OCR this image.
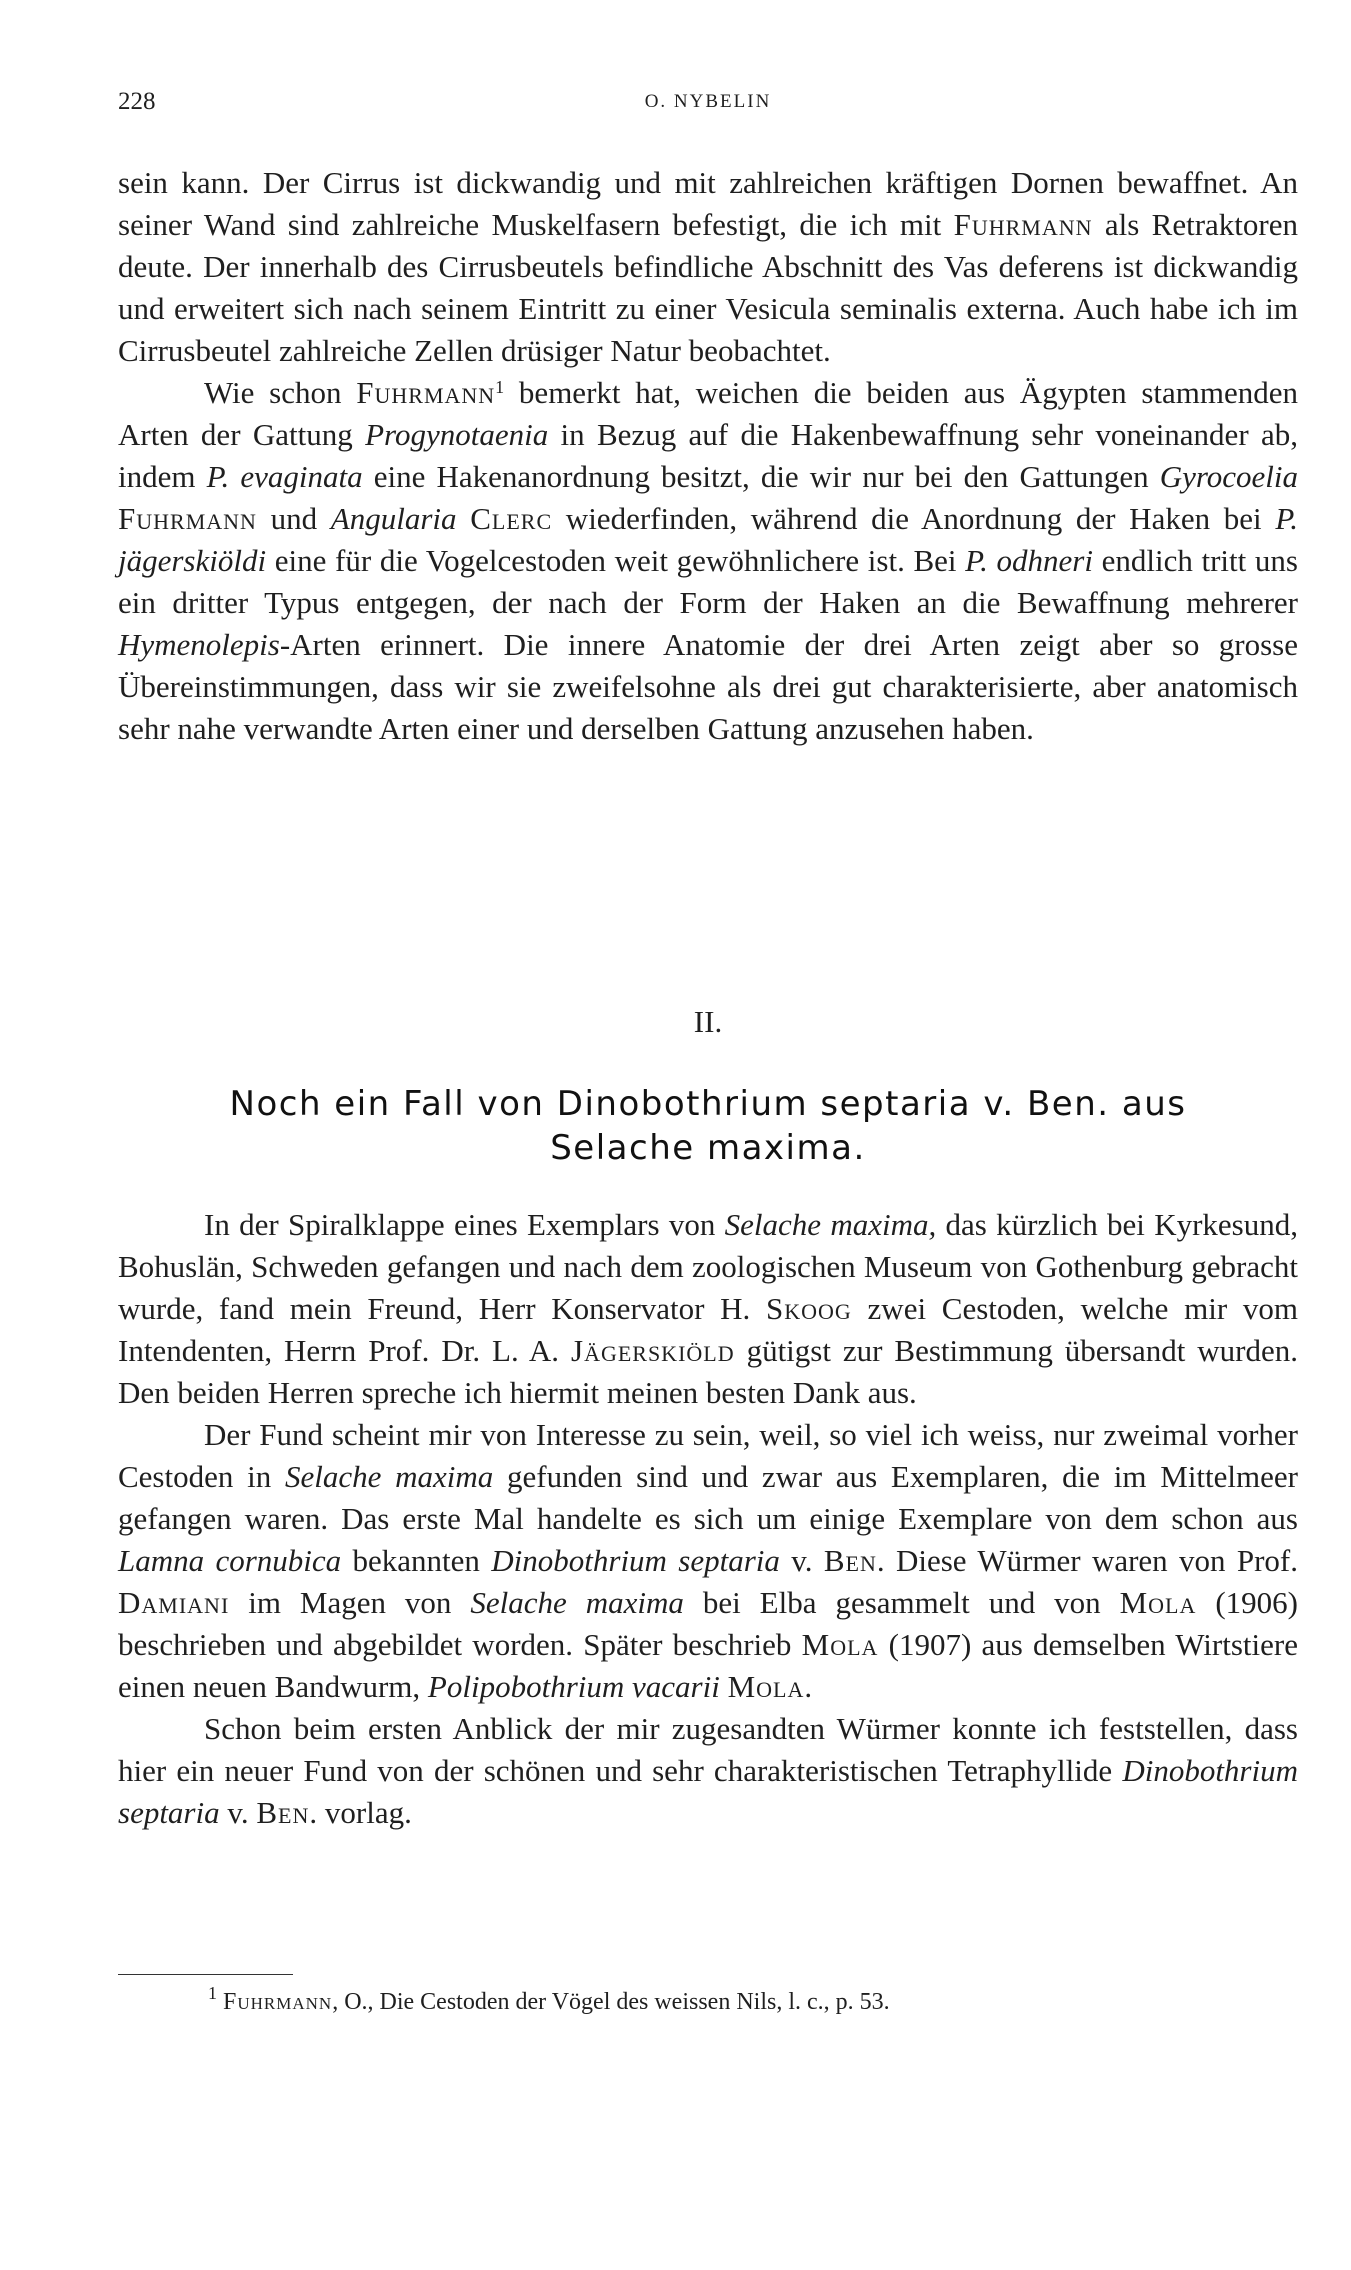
228	O. NYBELIN

sein kann. Der Cirrus ist dickwandig und mit zahlreichen kräftigen Dornen bewaffnet. An seiner Wand sind zahlreiche Muskelfasern befestigt, die ich mit Fuhrmann als Retraktoren deute. Der innerhalb des Cirrusbeutels befindliche Abschnitt des Vas deferens ist dickwandig und erweitert sich nach seinem Eintritt zu einer Vesicula seminalis externa. Auch habe ich im Cirrusbeutel zahlreiche Zellen drüsiger Natur beobachtet.

Wie schon Fuhrmann$^1$ bemerkt hat, weichen die beiden aus Ägypten stammenden Arten der Gattung Progynotaenia in Bezug auf die Hakenbewaffnung sehr voneinander ab, indem P. evaginata eine Hakenanordnung besitzt, die wir nur bei den Gattungen Gyrocoelia Fuhrmann und Angularia Clerc wiederfinden, während die Anordnung der Haken bei P. jägerskiöldi eine für die Vogelcestoden weit gewöhnlichere ist. Bei P. odhneri endlich tritt uns ein dritter Typus entgegen, der nach der Form der Haken an die Bewaffnung mehrerer Hymenolepis-Arten erinnert. Die innere Anatomie der drei Arten zeigt aber so grosse Übereinstimmungen, dass wir sie zweifelsohne als drei gut charakterisierte, aber anatomisch sehr nahe verwandte Arten einer und derselben Gattung anzusehen haben.

II.
Noch ein Fall von Dinobothrium septaria v. Ben. aus
Selache maxima.

In der Spiralklappe eines Exemplars von Selache maxima, das kürzlich bei Kyrkesund, Bohuslän, Schweden gefangen und nach dem zoologischen Museum von Gothenburg gebracht wurde, fand mein Freund, Herr Konservator H. Skoog zwei Cestoden, welche mir vom Intendenten, Herrn Prof. Dr. L. A. Jägerskiöld gütigst zur Bestimmung übersandt wurden. Den beiden Herren spreche ich hiermit meinen besten Dank aus.

Der Fund scheint mir von Interesse zu sein, weil, so viel ich weiss, nur zweimal vorher Cestoden in Selache maxima gefunden sind und zwar aus Exemplaren, die im Mittelmeer gefangen waren. Das erste Mal handelte es sich um einige Exemplare von dem schon aus Lamna cornubica bekannten Dinobothrium septaria v. Ben. Diese Würmer waren von Prof. Damiani im Magen von Selache maxima bei Elba gesammelt und von Mola (1906) beschrieben und abgebildet worden. Später beschrieb Mola (1907) aus demselben Wirtstiere einen neuen Bandwurm, Polipobothrium vacarii Mola.

Schon beim ersten Anblick der mir zugesandten Würmer konnte ich feststellen, dass hier ein neuer Fund von der schönen und sehr charakteristischen Tetraphyllide Dinobothrium septaria v. Ben. vorlag.

$^1$ Fuhrmann, O., Die Cestoden der Vögel des weissen Nils, l. c., p. 53.
